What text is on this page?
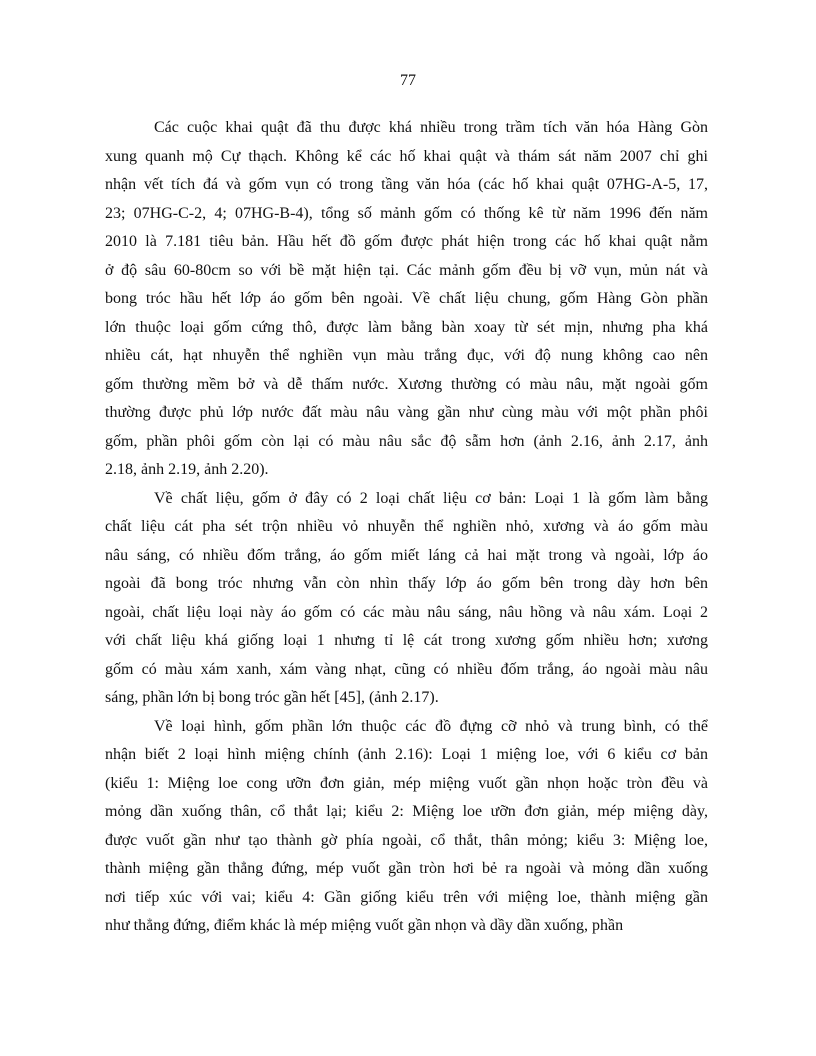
77
Các cuộc khai quật đã thu được khá nhiều trong trầm tích văn hóa Hàng Gòn
xung quanh mộ Cự thạch. Không kể các hố khai quật và thám sát năm 2007 chỉ ghi
nhận vết tích đá và gốm vụn có trong tầng văn hóa (các hố khai quật 07HG-A-5, 17,
23; 07HG-C-2, 4; 07HG-B-4), tổng số mảnh gốm có thống kê từ năm 1996 đến năm
2010 là 7.181 tiêu bản. Hầu hết đồ gốm được phát hiện trong các hố khai quật nằm
ở độ sâu 60-80cm so với bề mặt hiện tại. Các mảnh gốm đều bị vỡ vụn, mủn nát và
bong tróc hầu hết lớp áo gốm bên ngoài. Về chất liệu chung, gốm Hàng Gòn phần
lớn thuộc loại gốm cứng thô, được làm bằng bàn xoay từ sét mịn, nhưng pha khá
nhiều cát, hạt nhuyễn thể nghiền vụn màu trắng đục, với độ nung không cao nên
gốm thường mềm bở và dễ thấm nước. Xương thường có màu nâu, mặt ngoài gốm
thường được phủ lớp nước đất màu nâu vàng gần như cùng màu với một phần phôi
gốm, phần phôi gốm còn lại có màu nâu sắc độ sẫm hơn (ảnh 2.16, ảnh 2.17, ảnh
2.18, ảnh 2.19, ảnh 2.20).
Về chất liệu, gốm ở đây có 2 loại chất liệu cơ bản: Loại 1 là gốm làm bằng
chất liệu cát pha sét trộn nhiều vỏ nhuyễn thể nghiền nhỏ, xương và áo gốm màu
nâu sáng, có nhiều đốm trắng, áo gốm miết láng cả hai mặt trong và ngoài, lớp áo
ngoài đã bong tróc nhưng vẫn còn nhìn thấy lớp áo gốm bên trong dày hơn bên
ngoài, chất liệu loại này áo gốm có các màu nâu sáng, nâu hồng và nâu xám. Loại 2
với chất liệu khá giống loại 1 nhưng tỉ lệ cát trong xương gốm nhiều hơn; xương
gốm có màu xám xanh, xám vàng nhạt, cũng có nhiều đốm trắng, áo ngoài màu nâu
sáng, phần lớn bị bong tróc gần hết [45], (ảnh 2.17).
Về loại hình, gốm phần lớn thuộc các đồ đựng cỡ nhỏ và trung bình, có thể
nhận biết 2 loại hình miệng chính (ảnh 2.16): Loại 1 miệng loe, với 6 kiểu cơ bản
(kiểu 1: Miệng loe cong ưỡn đơn giản, mép miệng vuốt gần nhọn hoặc tròn đều và
mỏng dần xuống thân, cổ thắt lại; kiểu 2: Miệng loe ưỡn đơn giản, mép miệng dày,
được vuốt gần như tạo thành gờ phía ngoài, cổ thắt, thân mỏng; kiểu 3: Miệng loe,
thành miệng gần thẳng đứng, mép vuốt gần tròn hơi bẻ ra ngoài và mỏng dần xuống
nơi tiếp xúc với vai; kiểu 4: Gần giống kiểu trên với miệng loe, thành miệng gần
như thẳng đứng, điểm khác là mép miệng vuốt gần nhọn và dầy dần xuống, phần
